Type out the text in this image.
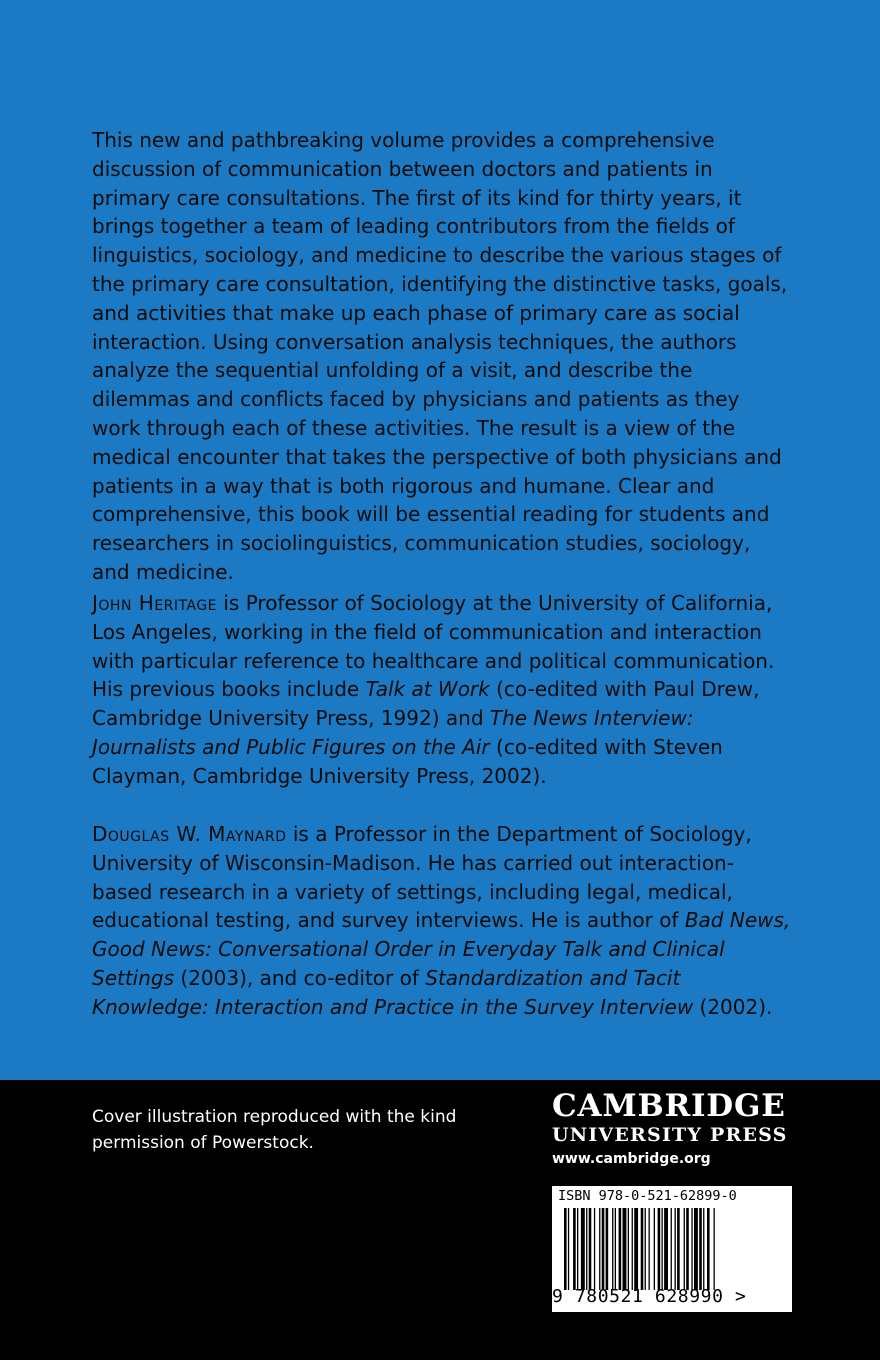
This new and pathbreaking volume provides a comprehensive discussion of communication between doctors and patients in primary care consultations. The first of its kind for thirty years, it brings together a team of leading contributors from the fields of linguistics, sociology, and medicine to describe the various stages of the primary care consultation, identifying the distinctive tasks, goals, and activities that make up each phase of primary care as social interaction. Using conversation analysis techniques, the authors analyze the sequential unfolding of a visit, and describe the dilemmas and conflicts faced by physicians and patients as they work through each of these activities. The result is a view of the medical encounter that takes the perspective of both physicians and patients in a way that is both rigorous and humane. Clear and comprehensive, this book will be essential reading for students and researchers in sociolinguistics, communication studies, sociology, and medicine.

John Heritage is Professor of Sociology at the University of California, Los Angeles, working in the field of communication and interaction with particular reference to healthcare and political communication. His previous books include Talk at Work (co-edited with Paul Drew, Cambridge University Press, 1992) and The News Interview: Journalists and Public Figures on the Air (co-edited with Steven Clayman, Cambridge University Press, 2002).

Douglas W. Maynard is a Professor in the Department of Sociology, University of Wisconsin-Madison. He has carried out interaction-based research in a variety of settings, including legal, medical, educational testing, and survey interviews. He is author of Bad News, Good News: Conversational Order in Everyday Talk and Clinical Settings (2003), and co-editor of Standardization and Tacit Knowledge: Interaction and Practice in the Survey Interview (2002).

Cover illustration reproduced with the kind permission of Powerstock.
CAMBRIDGE
UNIVERSITY PRESS
www.cambridge.org
ISBN 978-0-521-62899-0
9 780521 628990 >
